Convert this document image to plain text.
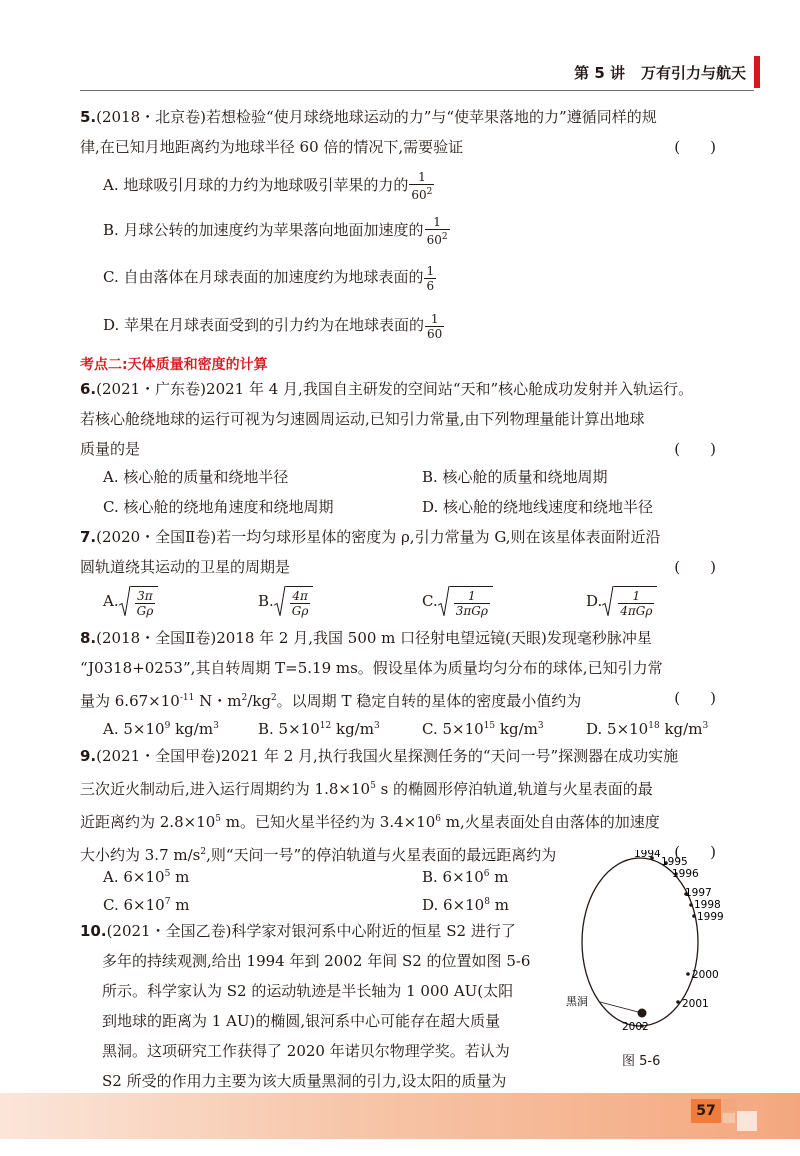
第 5 讲 万有引力与航天
5.(2018・北京卷)若想检验“使月球绕地球运动的力”与“使苹果落地的力”遵循同样的规
律,在已知月地距离约为地球半径 60 倍的情况下,需要验证	(　　)
A. 地球吸引月球的力约为地球吸引苹果的力的 $\frac{1}{60^2}$
B. 月球公转的加速度约为苹果落向地面加速度的 $\frac{1}{60^2}$
C. 自由落体在月球表面的加速度约为地球表面的 $\frac{1}{6}$
D. 苹果在月球表面受到的引力约为在地球表面的 $\frac{1}{60}$
考点二:天体质量和密度的计算
6.(2021・广东卷)2021 年 4 月,我国自主研发的空间站“天和”核心舱成功发射并入轨运行。
若核心舱绕地球的运行可视为匀速圆周运动,已知引力常量,由下列物理量能计算出地球
质量的是	(　　)
A. 核心舱的质量和绕地半径	B. 核心舱的质量和绕地周期
C. 核心舱的绕地角速度和绕地周期	D. 核心舱的绕地线速度和绕地半径
7.(2020・全国Ⅱ卷)若一均匀球形星体的密度为 ρ,引力常量为 G,则在该星体表面附近沿
圆轨道绕其运动的卫星的周期是	(　　)
A. $\frac{3\pi}{G\rho}$	B. $\frac{4\pi}{G\rho}$	C. $\frac{1}{\text{3πGρ}}$	D. $\frac{1}{\text{4πGρ}}$
8.(2018・全国Ⅱ卷)2018 年 2 月,我国 500 m 口径射电望远镜(天眼)发现毫秒脉冲星
“J0318+0253”,其自转周期 T=5.19 ms。假设星体为质量均匀分布的球体,已知引力常
量为 $6.67\times 10^{-11}$ N・$m^2/kg^2$。以周期 T 稳定自转的星体的密度最小值约为	(　　)
A. $5\times 10^9$ $kg/m^3$	B. $5\times 10^{12}$ $kg/m^3$	C. $5\times 10^{15}$ $kg/m^3$	D. $5\times 10^{18}$ $kg/m^3$
9.(2021・全国甲卷)2021 年 2 月,执行我国火星探测任务的“天问一号”探测器在成功实施
三次近火制动后,进入运行周期约为 $1.8\times 10^5$ s 的椭圆形停泊轨道,轨道与火星表面的最
近距离约为 $2.8\times 10^5$ m。已知火星半径约为 $3.4\times 10^6$ m,火星表面处自由落体的加速度
大小约为 3.7 $m/s^2$,则“天问一号”的停泊轨道与火星表面的最远距离约为	(　　)
A. $6\times 10^5$ m	B. $6\times 10^6$ m
C. $6\times 10^7$ m	D. $6\times 10^8$ m
10.(2021・全国乙卷)科学家对银河系中心附近的恒星 S2 进行了
多年的持续观测,给出 1994 年到 2002 年间 S2 的位置如图 5-6
所示。科学家认为 S2 的运动轨迹是半长轴为 1 000 AU(太阳
到地球的距离为 1 AU)的椭圆,银河系中心可能存在超大质量
黑洞。这项研究工作获得了 2020 年诺贝尔物理学奖。若认为
S2 所受的作用力主要为该大质量黑洞的引力,设太阳的质量为
黑洞
1994
1995
1996
1997
1998
1999
2000
2001
2002
图 5-6
57
